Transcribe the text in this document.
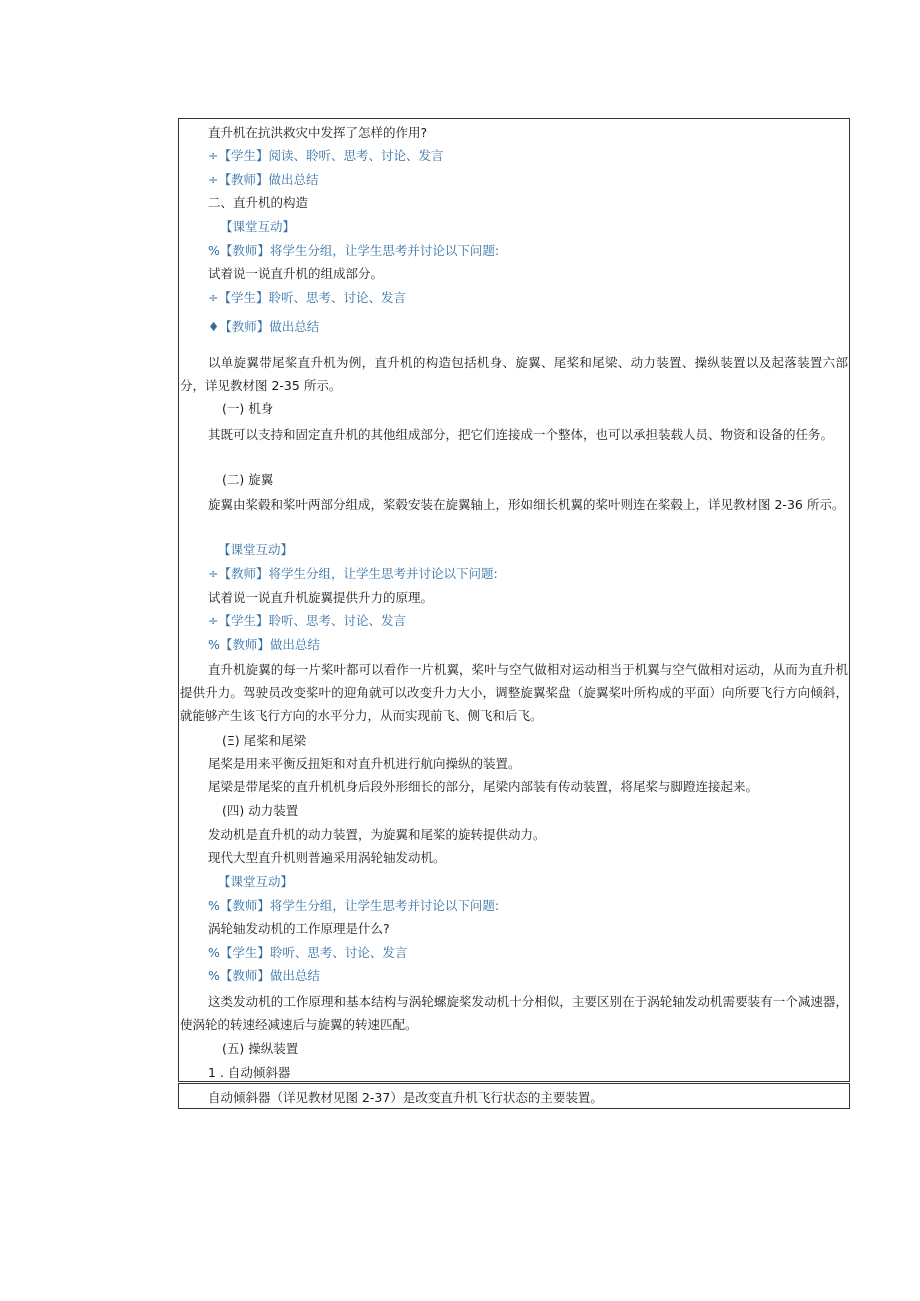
直升机在抗洪救灾中发挥了怎样的作用?
÷【学生】阅读、聆听、思考、讨论、发言
÷【教师】做出总结
二、直升机的构造
【课堂互动】
%【教师】将学生分组，让学生思考并讨论以下问题:
试着说一说直升机的组成部分。
÷【学生】聆听、思考、讨论、发言
♦【教师】做出总结

以单旋翼带尾桨直升机为例，直升机的构造包括机身、旋翼、尾桨和尾梁、动力装置、操纵装置以及起落装置六部分，详见教材图 2-35 所示。

(一) 机身

其既可以支持和固定直升机的其他组成部分，把它们连接成一个整体，也可以承担装载人员、物资和设备的任务。

(二) 旋翼

旋翼由桨毂和桨叶两部分组成，桨毂安装在旋翼轴上，形如细长机翼的桨叶则连在桨毂上，详见教材图 2-36 所示。

【课堂互动】
÷【教师】将学生分组，让学生思考并讨论以下问题:
试着说一说直升机旋翼提供升力的原理。
÷【学生】聆听、思考、讨论、发言
%【教师】做出总结

直升机旋翼的每一片桨叶都可以看作一片机翼，桨叶与空气做相对运动相当于机翼与空气做相对运动，从而为直升机提供升力。驾驶员改变桨叶的迎角就可以改变升力大小，调整旋翼桨盘（旋翼桨叶所构成的平面）向所要飞行方向倾斜，就能够产生该飞行方向的水平分力，从而实现前飞、侧飞和后飞。

(Ξ) 尾桨和尾梁
尾桨是用来平衡反扭矩和对直升机进行航向操纵的装置。
尾梁是带尾桨的直升机机身后段外形细长的部分，尾梁内部装有传动装置，将尾桨与脚蹬连接起来。
(四) 动力装置
发动机是直升机的动力装置，为旋翼和尾桨的旋转提供动力。
现代大型直升机则普遍采用涡轮轴发动机。
【课堂互动】
%【教师】将学生分组，让学生思考并讨论以下问题:
涡轮轴发动机的工作原理是什么?
%【学生】聆听、思考、讨论、发言
%【教师】做出总结

这类发动机的工作原理和基本结构与涡轮螺旋桨发动机十分相似，主要区别在于涡轮轴发动机需要装有一个减速器，使涡轮的转速经减速后与旋翼的转速匹配。

(五) 操纵装置
1 . 自动倾斜器
自动倾斜器（详见教材见图 2-37）是改变直升机飞行状态的主要装置。
